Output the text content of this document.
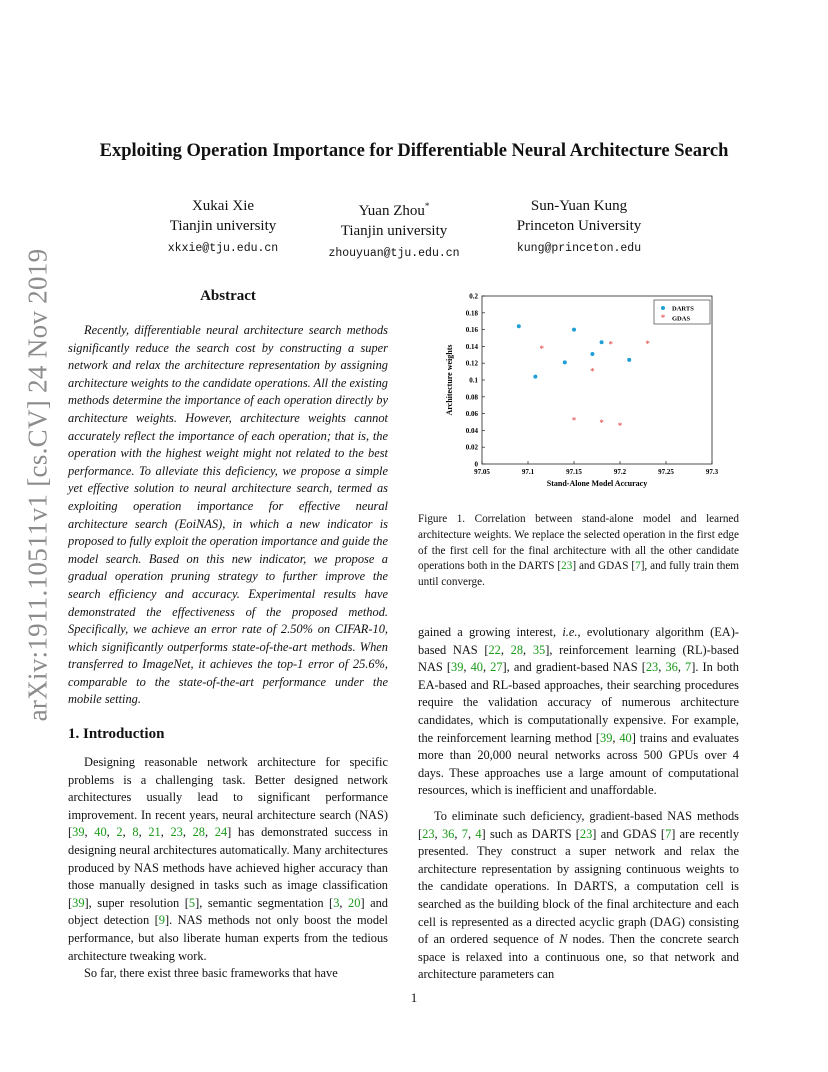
arXiv:1911.10511v1 [cs.CV] 24 Nov 2019
Exploiting Operation Importance for Differentiable Neural Architecture Search
Xukai Xie
Tianjin university
xkxie@tju.edu.cn
Yuan Zhou*
Tianjin university
zhouyuan@tju.edu.cn
Sun-Yuan Kung
Princeton University
kung@princeton.edu
Abstract

Recently, differentiable neural architecture search methods significantly reduce the search cost by constructing a super network and relax the architecture representation by assigning architecture weights to the candidate operations. All the existing methods determine the importance of each operation directly by architecture weights. However, architecture weights cannot accurately reflect the importance of each operation; that is, the operation with the highest weight might not related to the best performance. To alleviate this deficiency, we propose a simple yet effective solution to neural architecture search, termed as exploiting operation importance for effective neural architecture search (EoiNAS), in which a new indicator is proposed to fully exploit the operation importance and guide the model search. Based on this new indicator, we propose a gradual operation pruning strategy to further improve the search efficiency and accuracy. Experimental results have demonstrated the effectiveness of the proposed method. Specifically, we achieve an error rate of 2.50% on CIFAR-10, which significantly outperforms state-of-the-art methods. When transferred to ImageNet, it achieves the top-1 error of 25.6%, comparable to the state-of-the-art performance under the mobile setting.

1. Introduction

Designing reasonable network architecture for specific problems is a challenging task. Better designed network architectures usually lead to significant performance improvement. In recent years, neural architecture search (NAS) [39, 40, 2, 8, 21, 23, 28, 24] has demonstrated success in designing neural architectures automatically. Many architectures produced by NAS methods have achieved higher accuracy than those manually designed in tasks such as image classification [39], super resolution [5], semantic segmentation [3, 20] and object detection [9]. NAS methods not only boost the model performance, but also liberate human experts from the tedious architecture tweaking work.

So far, there exist three basic frameworks that have

97.05	97.1	97.15	97.2	97.25	97.3
0
0.02
0.04
0.06
0.08
0.1
0.12
0.14
0.16
0.18
0.2
Stand-Alone Model Accuracy
Architecture weights	*
*
*
*
*
*
*
DARTS
* GDAS
Figure 1. Correlation between stand-alone model and learned architecture weights. We replace the selected operation in the first edge of the first cell for the final architecture with all the other candidate operations both in the DARTS [23] and GDAS [7], and fully train them until converge.

gained a growing interest, i.e., evolutionary algorithm (EA)-based NAS [22, 28, 35], reinforcement learning (RL)-based NAS [39, 40, 27], and gradient-based NAS [23, 36, 7]. In both EA-based and RL-based approaches, their searching procedures require the validation accuracy of numerous architecture candidates, which is computationally expensive. For example, the reinforcement learning method [39, 40] trains and evaluates more than 20,000 neural networks across 500 GPUs over 4 days. These approaches use a large amount of computational resources, which is inefficient and unaffordable.

To eliminate such deficiency, gradient-based NAS methods [23, 36, 7, 4] such as DARTS [23] and GDAS [7] are recently presented. They construct a super network and relax the architecture representation by assigning continuous weights to the candidate operations. In DARTS, a computation cell is searched as the building block of the final architecture and each cell is represented as a directed acyclic graph (DAG) consisting of an ordered sequence of N nodes. Then the concrete search space is relaxed into a continuous one, so that network and architecture parameters can

1
